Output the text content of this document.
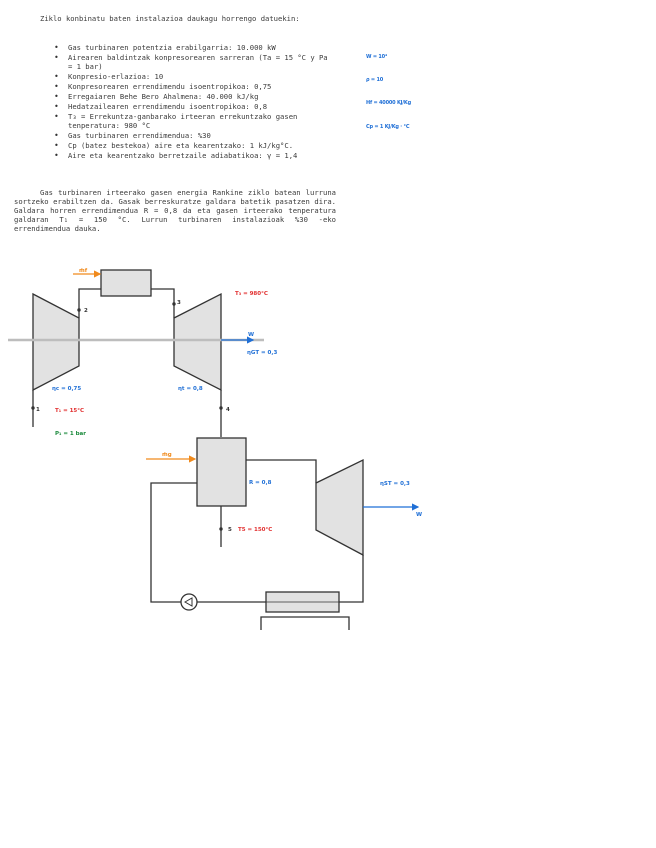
Ziklo konbinatu baten instalazioa daukagu horrengo datuekin:

• Gas turbinaren potentzia erabilgarria: 10.000 kW
• Airearen baldintzak konpresorearen sarreran (Ta = 15 °C y Pa = 1 bar)
• Konpresio-erlazioa: 10
• Konpresorearen errendimendu isoentropikoa: 0,75
• Erregaiaren Behe Bero Ahalmena: 40.000 kJ/kg
• Hedatzailearen errendimendu isoentropikoa: 0,8
• T₃ = Errekuntza-ganbarako irteeran errekuntzako gasen tenperatura: 980 °C
• Gas turbinaren errendimendua: %30
• Cp (batez bestekoa) aire eta kearentzako: 1 kJ/kg°C.
• Aire eta kearentzako berretzaile adiabatikoa: γ = 1,4

Gas turbinaren irteerako gasen energia Rankine ziklo batean lurruna sortzeko erabiltzen da. Gasak berreskuratze galdara batetik pasatzen dira. Galdara horren errendimendua R = 0,8 da eta gasen irteerako tenperatura galdaran T₁ = 150 °C. Lurrun turbinaren instalazioak %30 -eko errendimendua dauka.

W = 10⁴
ρ = 10
Hf = 40000 KJ/Kg
Cp = 1 KJ/Kg · °C
ṁf
2
3
T₃ = 980°C
W
ηGT = 0,3
ηc = 0,75	ηt = 0,8
1	4
T₁ = 15°C
P₁ = 1 bar
ṁg
R = 0,8
5 T5 = 150°C
ηST = 0,3
W
